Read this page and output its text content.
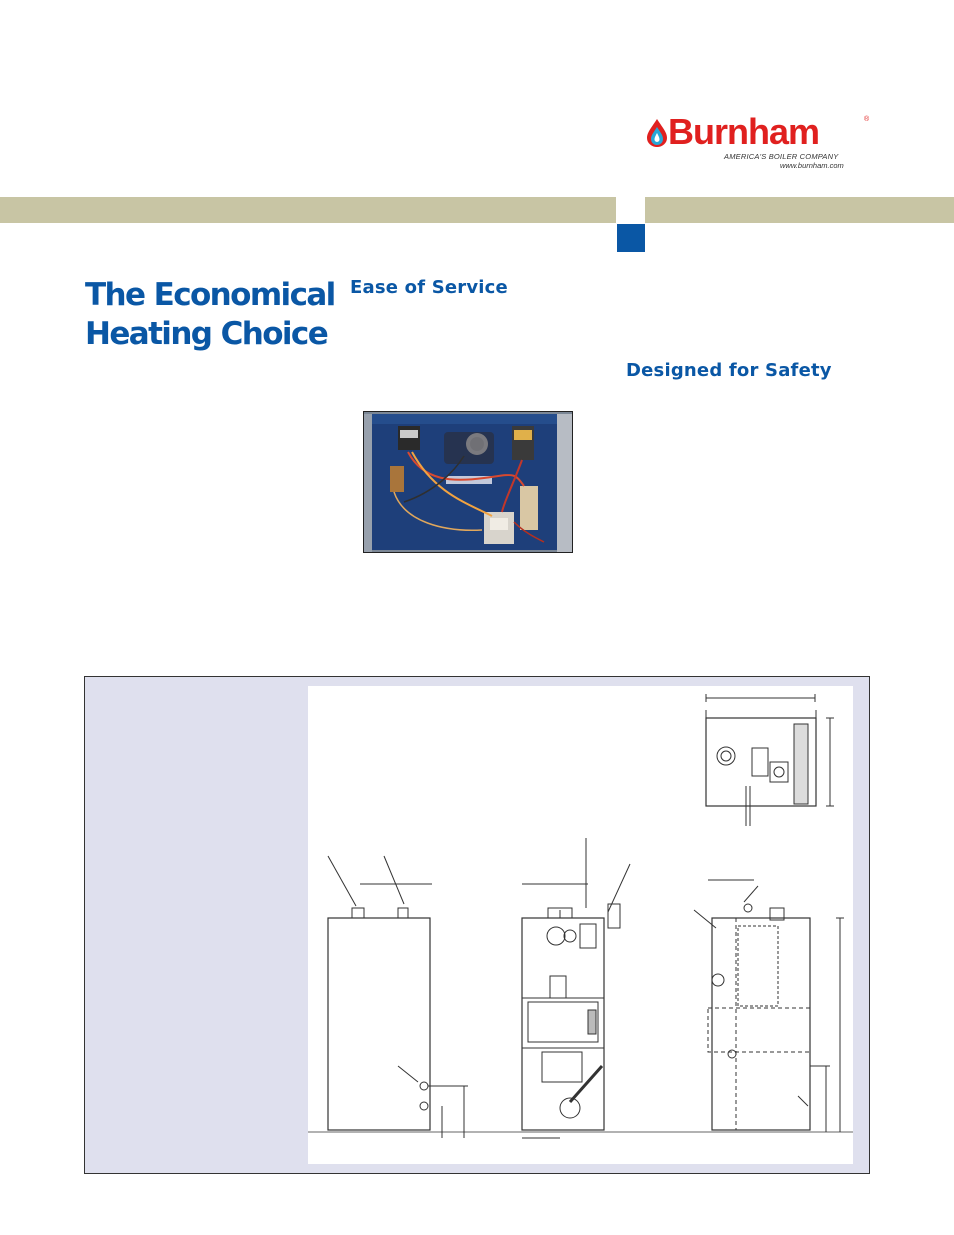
Burnham	®
AMERICA'S BOILER COMPANY
www.burnham.com
The Economical
Heating Choice
Ease of Service
Designed for Safety
